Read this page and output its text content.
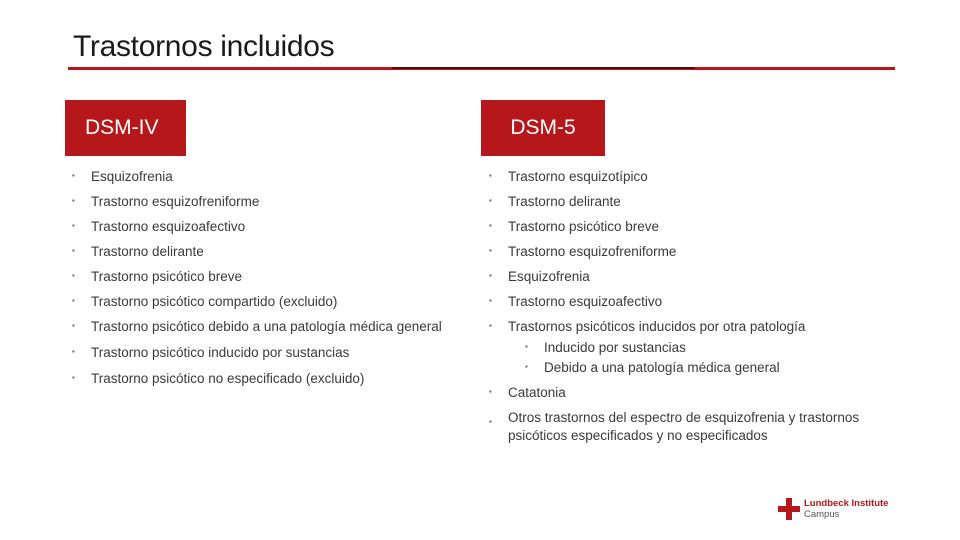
Trastornos incluidos
DSM-IV	DSM-5
▪ Esquizofrenia
▪ Trastorno esquizofreniforme
▪ Trastorno esquizoafectivo
▪ Trastorno delirante
▪ Trastorno psicótico breve
▪ Trastorno psicótico compartido (excluido)
▪ Trastorno psicótico debido a una patología médica general
▪ Trastorno psicótico inducido por sustancias
▪ Trastorno psicótico no especificado (excluido)
▪ Trastorno esquizotípico
▪ Trastorno delirante
▪ Trastorno psicótico breve
▪ Trastorno esquizofreniforme
▪ Esquizofrenia
▪ Trastorno esquizoafectivo
▪ Trastornos psicóticos inducidos por otra patología
▪ Inducido por sustancias
▪ Debido a una patología médica general
▪ Catatonia
▪	Otros trastornos del espectro de esquizofrenia y trastornos psicóticos especificados y no especificados
Lundbeck Institute
Campus
